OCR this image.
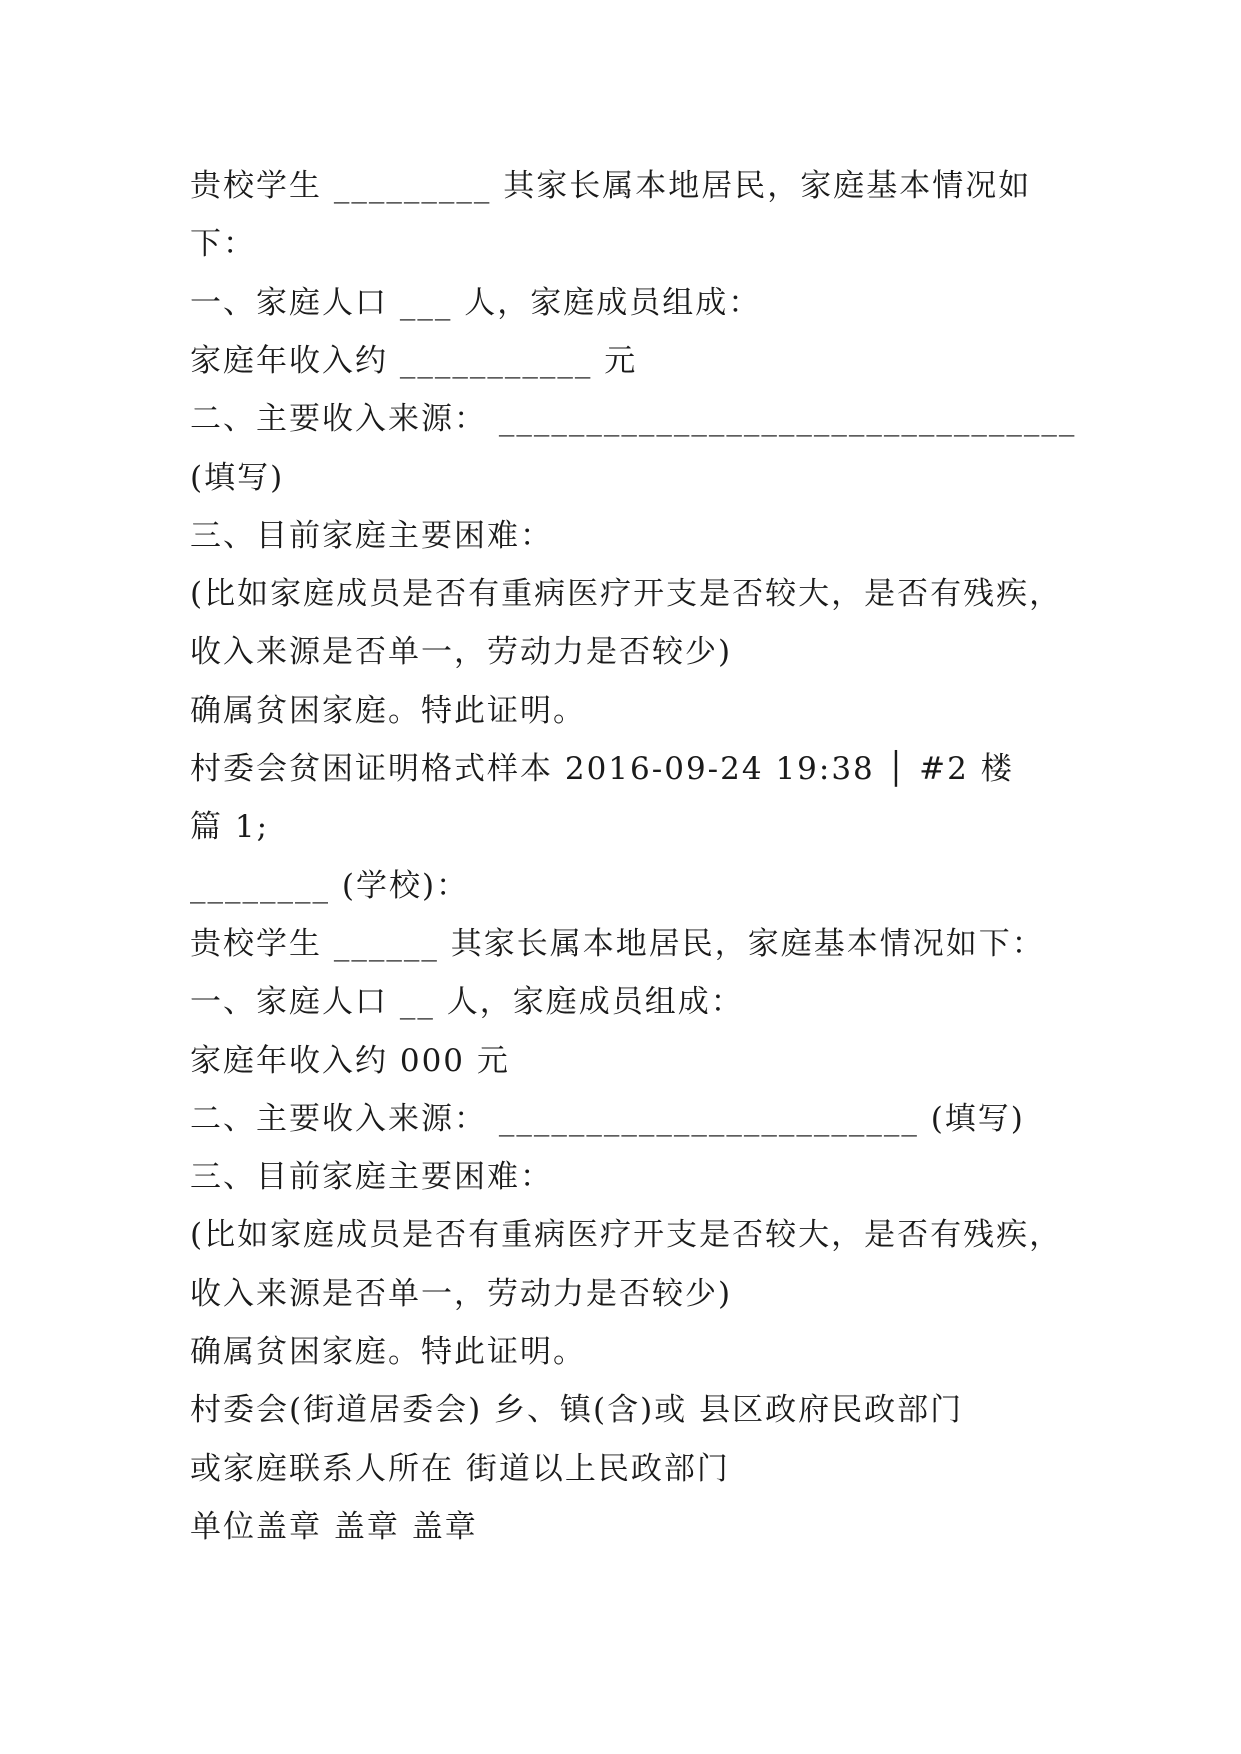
贵校学生 _________ 其家长属本地居民，家庭基本情况如
下：
一、家庭人口 ___ 人，家庭成员组成：
家庭年收入约 ___________ 元
二、主要收入来源： _________________________________
(填写)
三、目前家庭主要困难：
(比如家庭成员是否有重病医疗开支是否较大，是否有残疾，
收入来源是否单一，劳动力是否较少)
确属贫困家庭。特此证明。
村委会贫困证明格式样本 2016-09-24 19:38 │ #2 楼
篇 1;
________ (学校)：
贵校学生 ______ 其家长属本地居民，家庭基本情况如下：
一、家庭人口 __ 人，家庭成员组成：
家庭年收入约 000 元
二、主要收入来源： ________________________ (填写)
三、目前家庭主要困难：
(比如家庭成员是否有重病医疗开支是否较大，是否有残疾，
收入来源是否单一，劳动力是否较少)
确属贫困家庭。特此证明。
村委会(街道居委会) 乡、镇(含)或 县区政府民政部门
或家庭联系人所在 街道以上民政部门
单位盖章 盖章 盖章
